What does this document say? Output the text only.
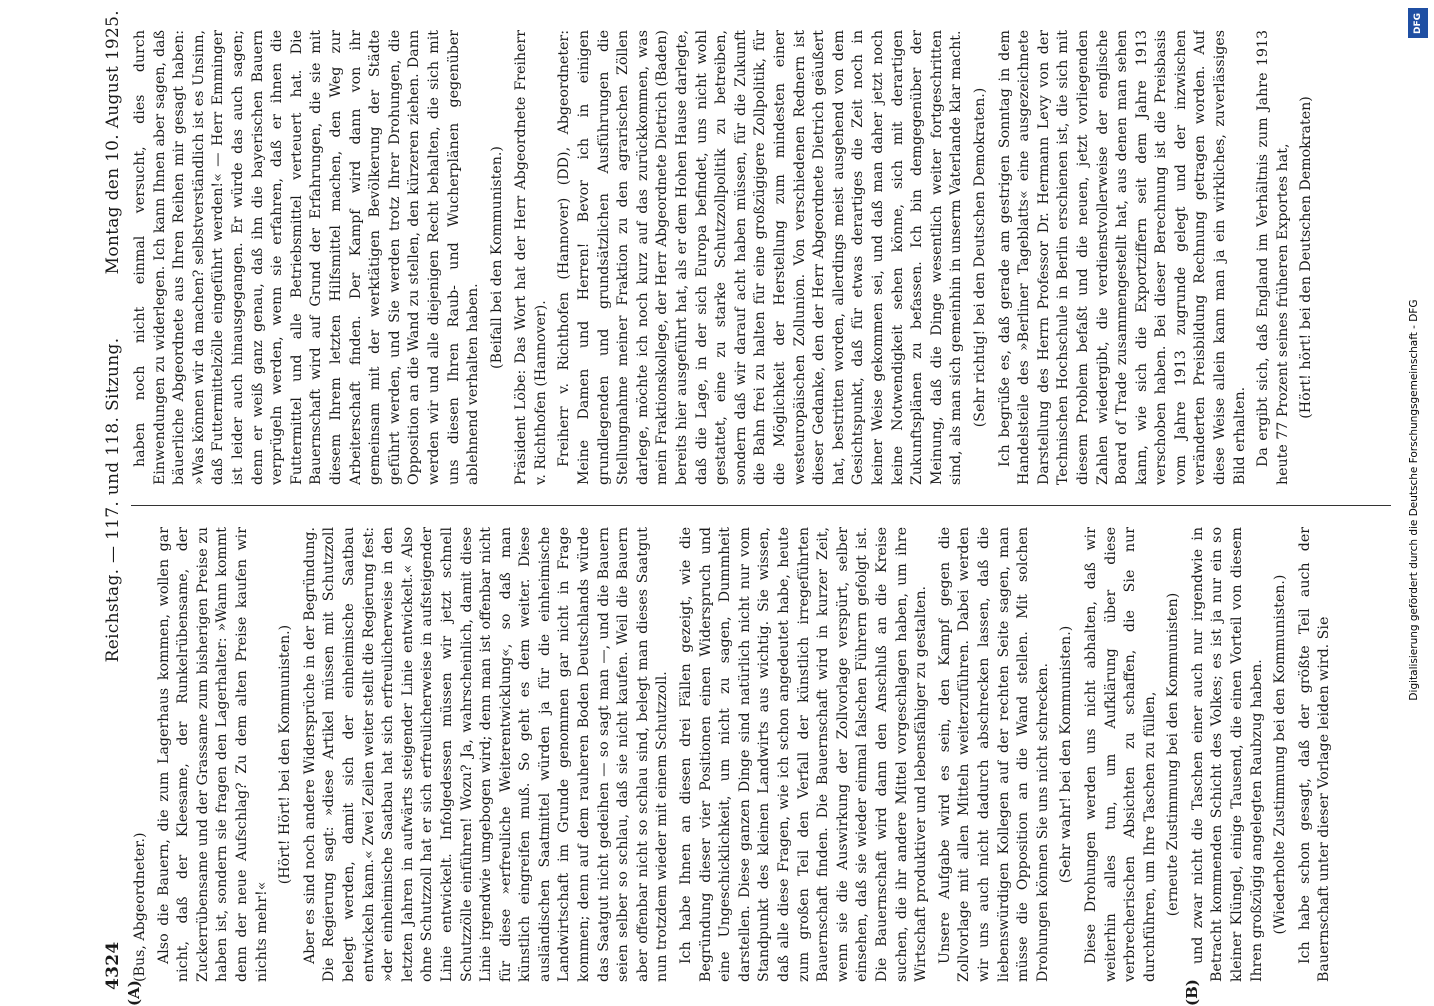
4324
Reichstag. — 117. und 118. Sitzung.
Montag den 10. August 1925.
(A)	(B)

(Bus, Abgeordneter.) Also die Bauern, die zum Lagerhaus kommen, wollen gar nicht, daß der Kleesame, der Runkelrübensame, der Zuckerrübensame und der Grassame zum bisherigen Preise zu haben ist, sondern sie fragen den Lagerhalter: »Wann kommt denn der neue Aufschlag? Zu dem alten Preise kaufen wir nichts mehr!«

(Hört! Hört! bei den Kommunisten.) Aber es sind noch andere Widersprüche in der Begründung. Die Regierung sagt: »diese Artikel müssen mit Schutzzoll belegt werden, damit sich der einheimische Saatbau entwickeln kann.« Zwei Zeilen weiter stellt die Regierung fest: »der einheimische Saatbau hat sich erfreulicherweise in den letzten Jahren in aufwärts steigender Linie entwickelt.« Also ohne Schutzzoll hat er sich erfreulicherweise in aufsteigender Linie entwickelt. Infolgedessen müssen wir jetzt schnell Schutzzölle einführen! Wozu? Ja, wahrscheinlich, damit diese Linie irgendwie umgebogen wird; denn man ist offenbar nicht für diese »erfreuliche Weiterentwicklung«, so daß man künstlich eingreifen muß. So geht es dem weiter. Diese ausländischen Saatmittel würden ja für die einheimische Landwirtschaft im Grunde genommen gar nicht in Frage kommen; denn auf dem rauheren Boden Deutschlands würde das Saatgut nicht gedeihen — so sagt man —, und die Bauern seien selber so schlau, daß sie nicht kaufen. Weil die Bauern aber offenbar nicht so schlau sind, belegt man dieses Saatgut nun trotzdem wieder mit einem Schutzzoll. Ich habe Ihnen an diesen drei Fällen gezeigt, wie die Begründung dieser vier Positionen einen Widerspruch und eine Ungeschicklichkeit, um nicht zu sagen, Dummheit darstellen. Diese ganzen Dinge sind natürlich nicht nur vom Standpunkt des kleinen Landwirts aus wichtig. Sie wissen, daß alle diese Fragen, wie ich schon angedeutet habe, heute zum großen Teil den Verfall der künstlich irregeführten Bauernschaft finden. Die Bauernschaft wird in kurzer Zeit, wenn sie die Auswirkung der Zollvorlage verspürt, selber einsehen, daß sie wieder einmal falschen Führern gefolgt ist. Die Bauernschaft wird dann den Anschluß an die Kreise suchen, die ihr andere Mittel vorgeschlagen haben, um ihre Wirtschaft produktiver und lebensfähiger zu gestalten. Unsere Aufgabe wird es sein, den Kampf gegen die Zollvorlage mit allen Mitteln weiterzuführen. Dabei werden wir uns auch nicht dadurch abschrecken lassen, daß die liebenswürdigen Kollegen auf der rechten Seite sagen, man müsse die Opposition an die Wand stellen. Mit solchen Drohungen können Sie uns nicht schrecken. (Sehr wahr! bei den Kommunisten.) Diese Drohungen werden uns nicht abhalten, daß wir weiterhin alles tun, um Aufklärung über diese verbrecherischen Absichten zu schaffen, die Sie nur durchführen, um Ihre Taschen zu füllen, (erneute Zustimmung bei den Kommunisten) und zwar nicht die Taschen einer auch nur irgendwie in Betracht kommenden Schicht des Volkes; es ist ja nur ein so kleiner Klüngel, einige Tausend, die einen Vorteil von diesem Ihren großzügig angelegten Raubzug haben. (Wiederholte Zustimmung bei den Kommunisten.) Ich habe schon gesagt, daß der größte Teil auch der Bauernschaft unter dieser Vorlage leiden wird. Sie

haben noch nicht einmal versucht, dies durch Einwendungen zu widerlegen. Ich kann Ihnen aber sagen, daß bäuerliche Abgeordnete aus Ihren Reihen mir gesagt haben: »Was können wir da machen? selbstverständlich ist es Unsinn, daß Futtermittelzölle eingeführt werden!« — Herr Emminger ist leider auch hinausgegangen. Er würde das auch sagen; denn er weiß ganz genau, daß ihn die bayerischen Bauern verprügeln werden, wenn sie erfahren, daß er ihnen die Futtermittel und alle Betriebsmittel verteuert hat. Die Bauernschaft wird auf Grund der Erfahrungen, die sie mit diesem Ihrem letzten Hilfsmittel machen, den Weg zur Arbeiterschaft finden. Der Kampf wird dann von ihr gemeinsam mit der werktätigen Bevölkerung der Städte geführt werden, und Sie werden trotz Ihrer Drohungen, die Opposition an die Wand zu stellen, den kürzeren ziehen. Dann werden wir und alle diejenigen Recht behalten, die sich mit uns diesen Ihren Raub- und Wucherplänen gegenüber ablehnend verhalten haben.

(Beifall bei den Kommunisten.) Präsident Löbe: Das Wort hat der Herr Abgeordnete Freiherr v. Richthofen (Hannover). Freiherr v. Richthofen (Hannover) (DD), Abgeordneter: Meine Damen und Herren! Bevor ich in einigen grundlegenden und grundsätzlichen Ausführungen die Stellungnahme meiner Fraktion zu den agrarischen Zöllen darlege, möchte ich noch kurz auf das zurückkommen, was mein Fraktionskollege, der Herr Abgeordnete Dietrich (Baden) bereits hier ausgeführt hat, als er dem Hohen Hause darlegte, daß die Lage, in der sich Europa befindet, uns nicht wohl gestattet, eine zu starke Schutzzollpolitik zu betreiben, sondern daß wir darauf acht haben müssen, für die Zukunft die Bahn frei zu halten für eine großzügigere Zollpolitik, für die Möglichkeit der Herstellung zum mindesten einer westeuropäischen Zollunion. Von verschiedenen Rednern ist dieser Gedanke, den der Herr Abgeordnete Dietrich geäußert hat, bestritten worden, allerdings meist ausgehend von dem Gesichtspunkt, daß für etwas derartiges die Zeit noch in keiner Weise gekommen sei, und daß man daher jetzt noch keine Notwendigkeit sehen könne, sich mit derartigen Zukunftsplänen zu befassen. Ich bin demgegenüber der Meinung, daß die Dinge wesentlich weiter fortgeschritten sind, als man sich gemeinhin in unserm Vaterlande klar macht. (Sehr richtig! bei den Deutschen Demokraten.) Ich begrüße es, daß gerade am gestrigen Sonntag in dem Handelsteile des »Berliner Tageblatts« eine ausgezeichnete Darstellung des Herrn Professor Dr. Hermann Levy von der Technischen Hochschule in Berlin erschienen ist, die sich mit diesem Problem befaßt und die neuen, jetzt vorliegenden Zahlen wiedergibt, die verdienstvollerweise der englische Board of Trade zusammengestellt hat, aus denen man sehen kann, wie sich die Exportziffern seit dem Jahre 1913 verschoben haben. Bei dieser Berechnung ist die Preisbasis vom Jahre 1913 zugrunde gelegt und der inzwischen veränderten Preisbildung Rechnung getragen worden. Auf diese Weise allein kann man ja ein wirkliches, zuverlässiges Bild erhalten. Da ergibt sich, daß England im Verhältnis zum Jahre 1913 heute 77 Prozent seines früheren Exportes hat, (Hört! hört! bei den Deutschen Demokraten)

Digitalisierung gefördert durch die Deutsche Forschungsgemeinschaft - DFG
DFG
